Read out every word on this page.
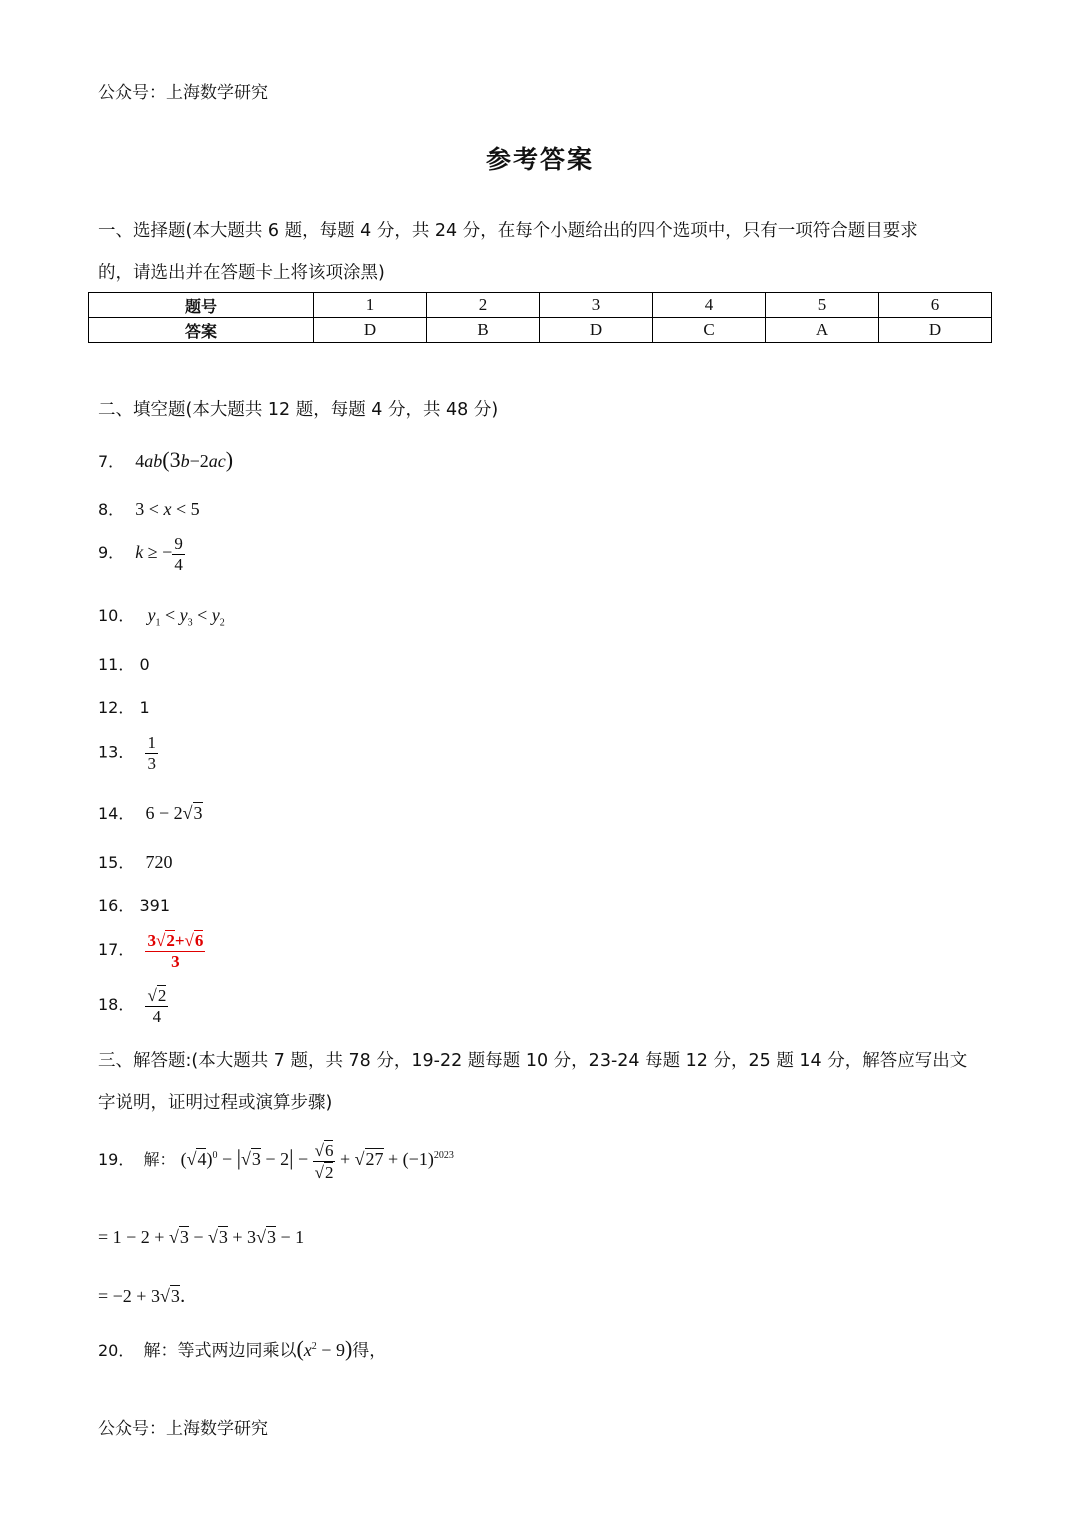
公众号：上海数学研究
参考答案
一、选择题(本大题共 6 题，每题 4 分，共 24 分，在每个小题给出的四个选项中，只有一项符合题目要求
的，请选出并在答题卡上将该项涂黑)
题号	1	2	3	4	5	6
答案	D	B	D	C	A	D
二、填空题(本大题共 12 题，每题 4 分，共 48 分)
7． 4ab(3b−2ac)
8． 3 < x < 5
9． k ≥ − $\frac{9}{4}$
10． $y_1 < y_3 < y_2$
11． 0
12． 1
13． $\frac{1}{3}$
14． 6 − 2√3
15． 720
16． 391
17． $\frac{3√2+√6}{3}$
18． $\frac{√2}{4}$
三、解答题:(本大题共 7 题，共 78 分，19-22 题每题 10 分，23-24 每题 12 分，25 题 14 分，解答应写出文
字说明，证明过程或演算步骤)
19． 解： $(√4)^0 - |√3 - 2| - \frac{√6}{√2} + √27 + (-1)^{2023}$
= 1 − 2 + √3 − √3 + 3√3 − 1
= −2 + 3√3．
20． 解：等式两边同乘以$(x^2 - 9)$得，
公众号：上海数学研究
